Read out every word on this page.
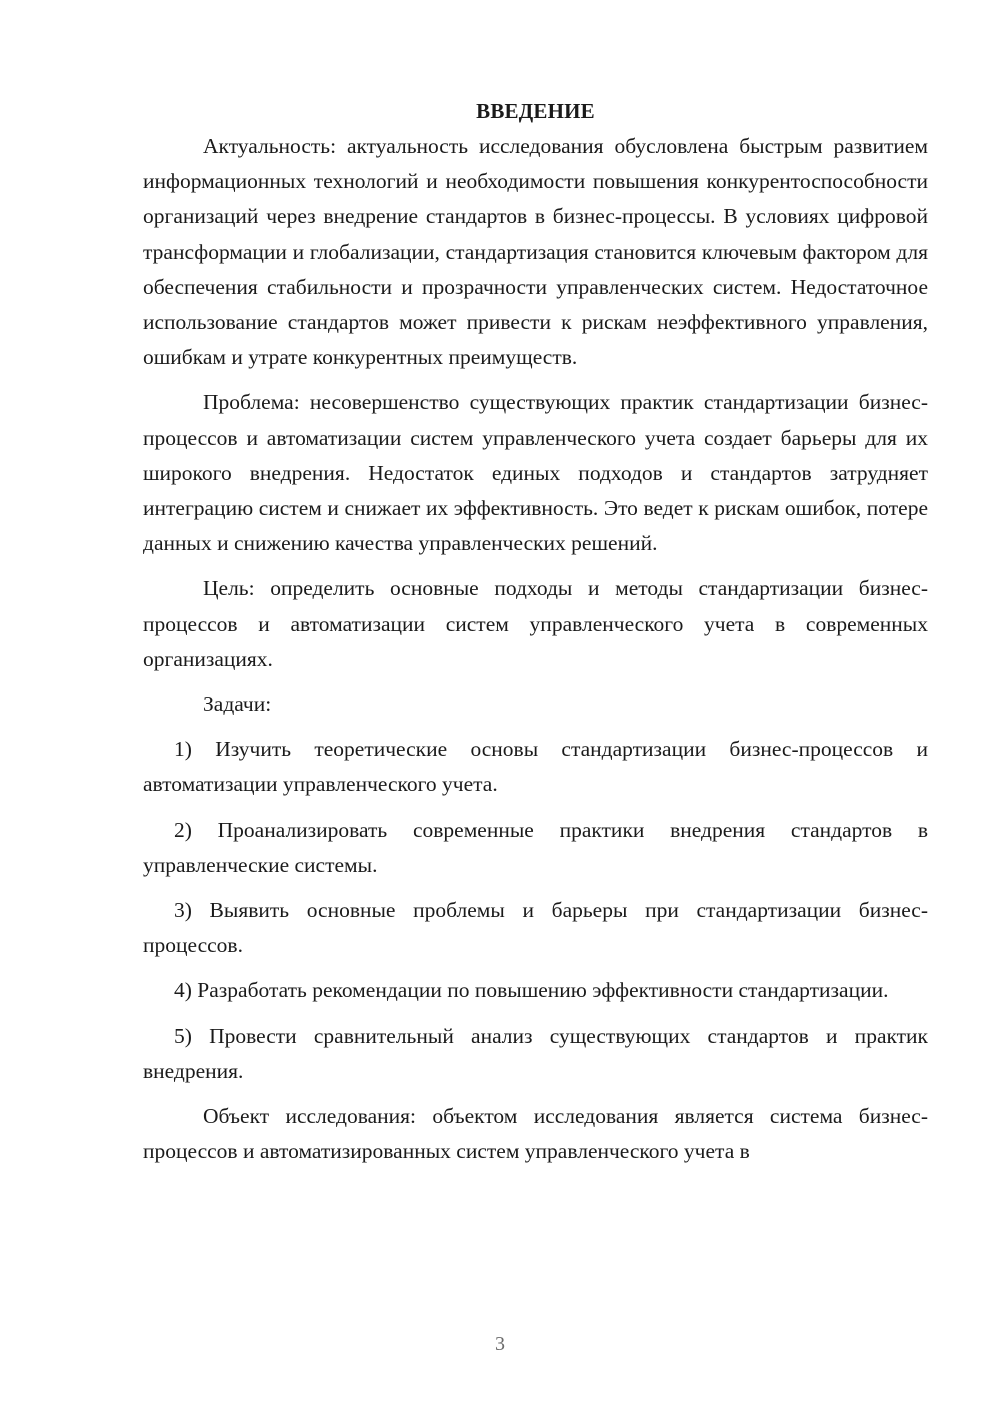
ВВЕДЕНИЕ

Актуальность: актуальность исследования обусловлена быстрым развитием информационных технологий и необходимости повышения конкурентоспособности организаций через внедрение стандартов в бизнес-процессы. В условиях цифровой трансформации и глобализации, стандартизация становится ключевым фактором для обеспечения стабильности и прозрачности управленческих систем. Недостаточное использование стандартов может привести к рискам неэффективного управления, ошибкам и утрате конкурентных преимуществ.

Проблема: несовершенство существующих практик стандартизации бизнес-процессов и автоматизации систем управленческого учета создает барьеры для их широкого внедрения. Недостаток единых подходов и стандартов затрудняет интеграцию систем и снижает их эффективность. Это ведет к рискам ошибок, потере данных и снижению качества управленческих решений.

Цель: определить основные подходы и методы стандартизации бизнес-процессов и автоматизации систем управленческого учета в современных организациях.

Задачи:

1) Изучить теоретические основы стандартизации бизнес-процессов и автоматизации управленческого учета.

2) Проанализировать современные практики внедрения стандартов в управленческие системы.

3) Выявить основные проблемы и барьеры при стандартизации бизнес-процессов.

4) Разработать рекомендации по повышению эффективности стандартизации.

5) Провести сравнительный анализ существующих стандартов и практик внедрения.

Объект исследования: объектом исследования является система бизнес-процессов и автоматизированных систем управленческого учета в

3
